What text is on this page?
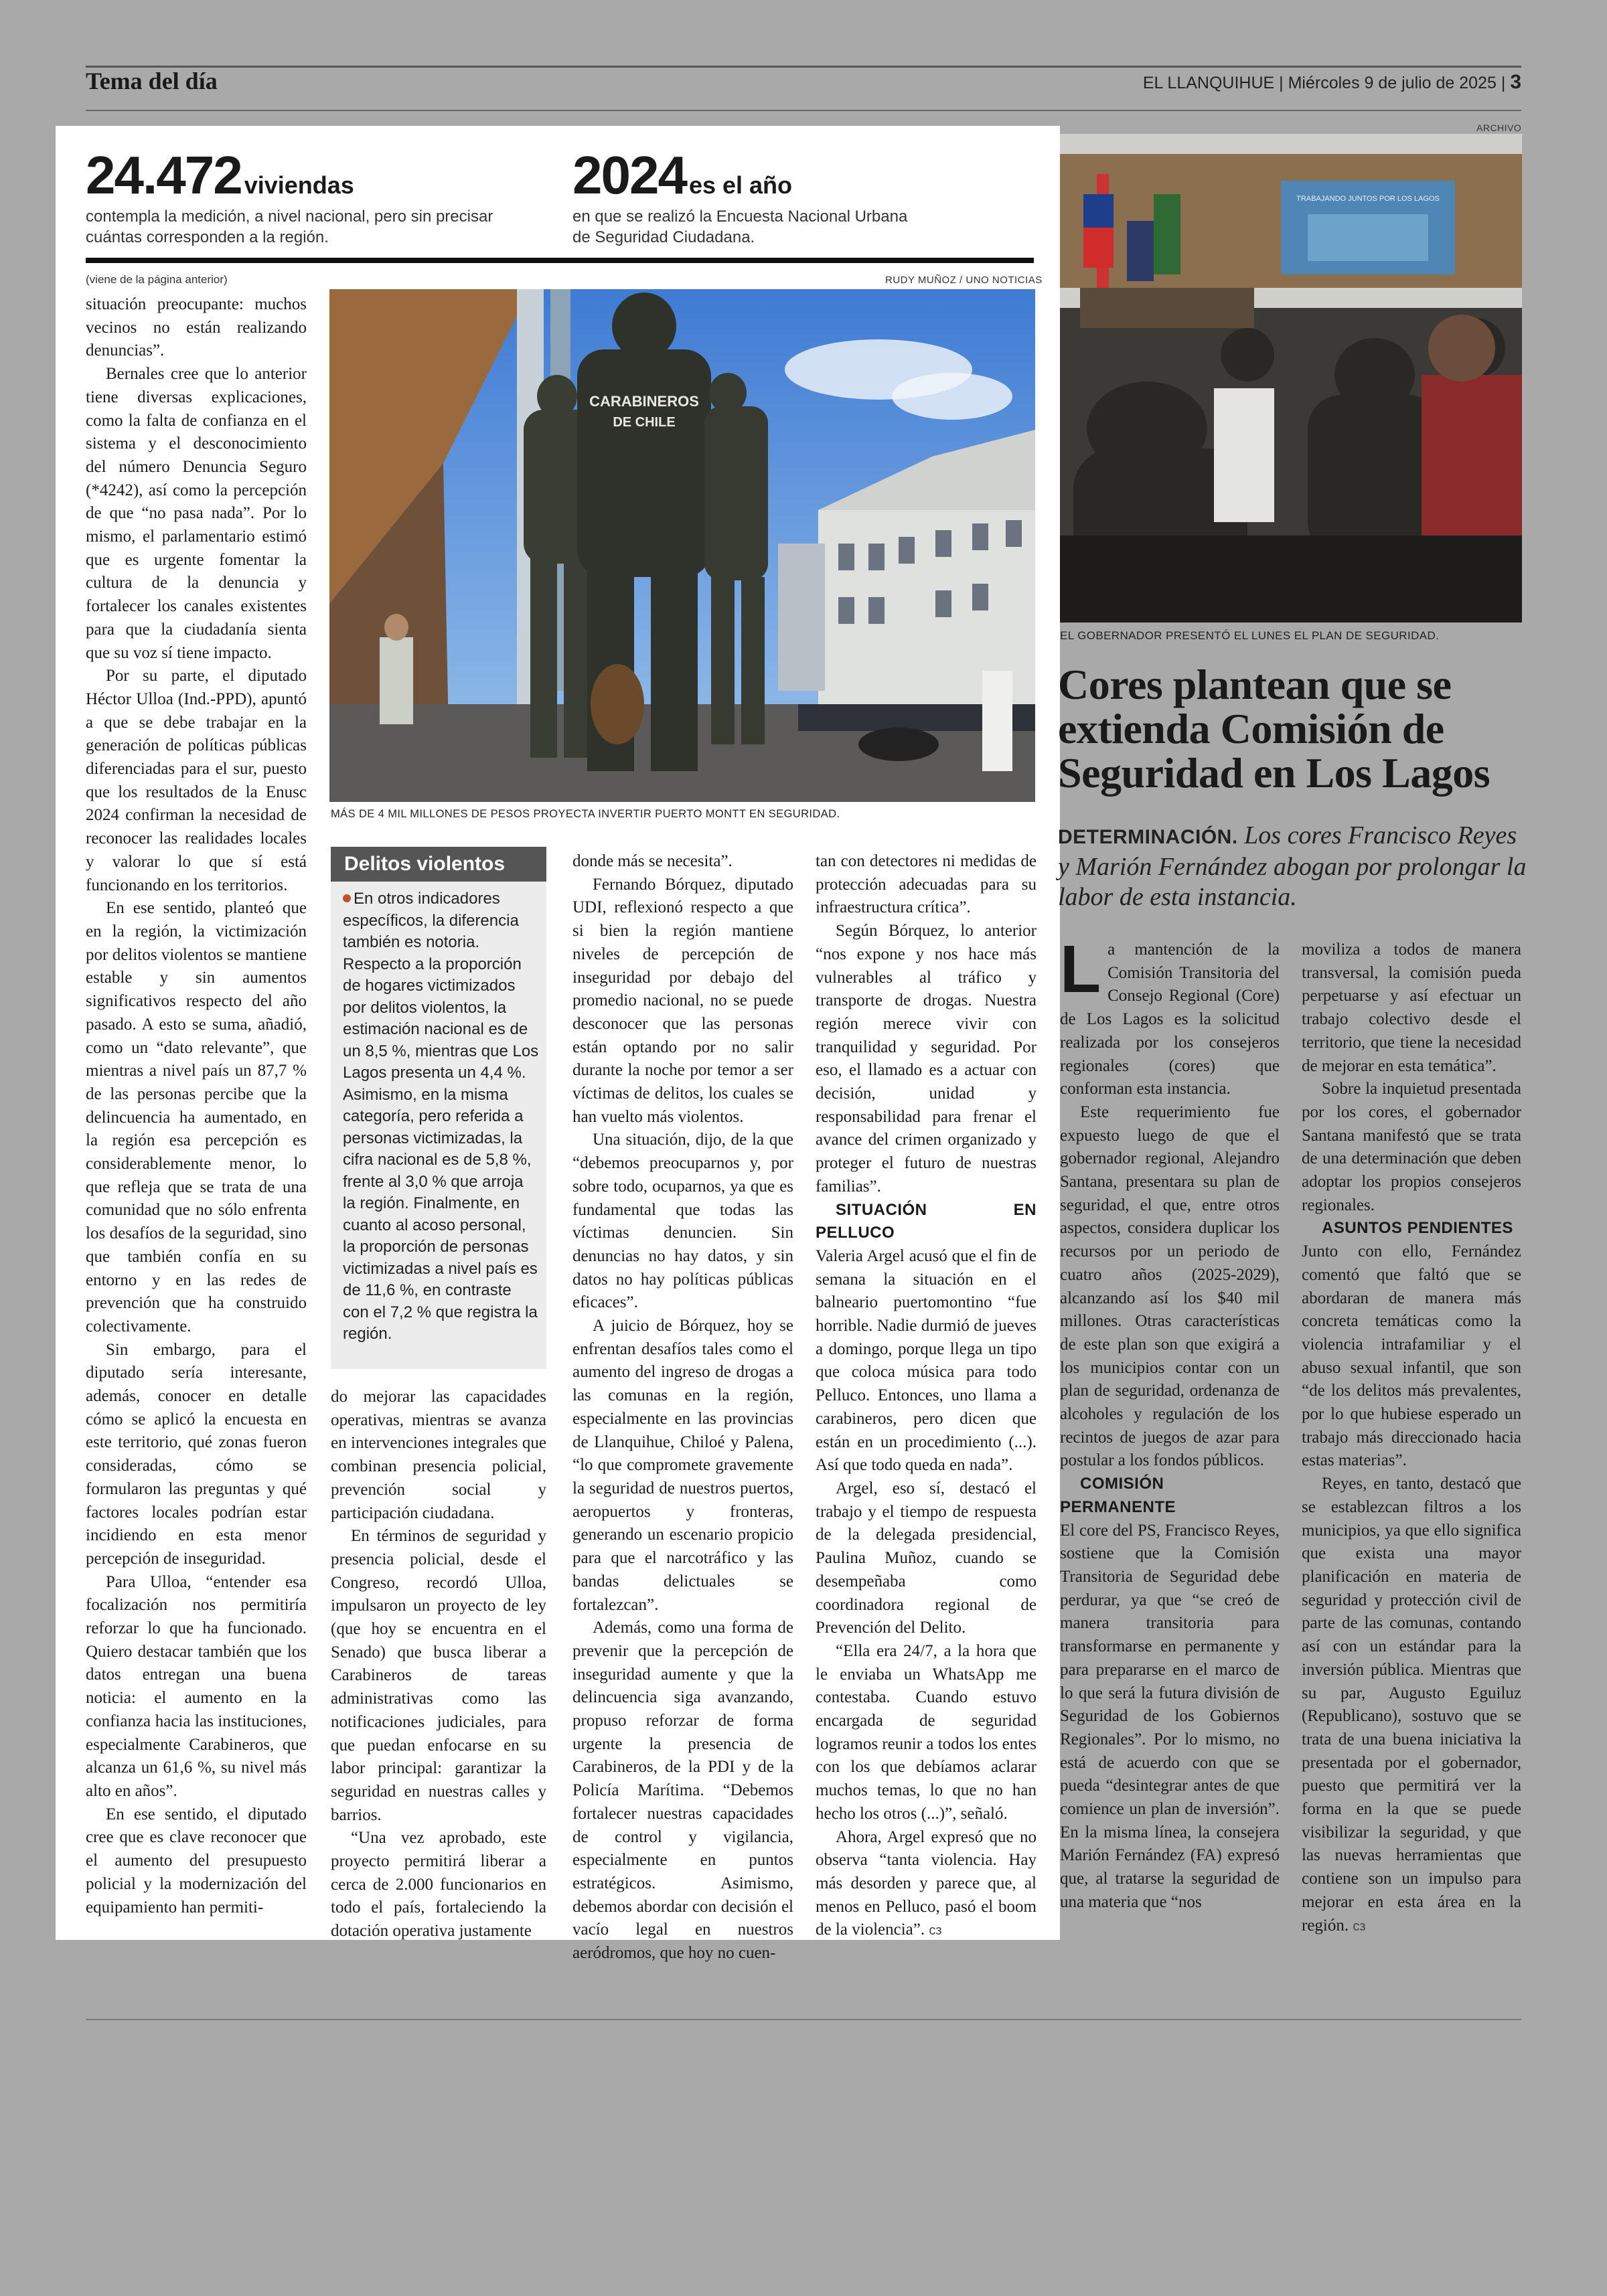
Tema del día	EL LLANQUIHUE | Miércoles 9 de julio de 2025 | 3
24.472 viviendas
contempla la medición, a nivel nacional, pero sin precisar
cuántas corresponden a la región.
2024 es el año
en que se realizó la Encuesta Nacional Urbana
de Seguridad Ciudadana.
(viene de la página anterior)	RUDY MUÑOZ / UNO NOTICIAS
CARABINEROS
DE CHILE
MÁS DE 4 MIL MILLONES DE PESOS PROYECTA INVERTIR PUERTO MONTT EN SEGURIDAD.

situación preocupante: muchos vecinos no están realizando denuncias”.

Bernales cree que lo anterior tiene diversas explicaciones, como la falta de confianza en el sistema y el desconocimiento del número Denuncia Seguro (*4242), así como la percepción de que “no pasa nada”. Por lo mismo, el parlamentario estimó que es urgente fomentar la cultura de la denuncia y fortalecer los canales existentes para que la ciudadanía sienta que su voz sí tiene impacto.

Por su parte, el diputado Héctor Ulloa (Ind.-PPD), apuntó a que se debe trabajar en la generación de políticas públicas diferenciadas para el sur, puesto que los resultados de la Enusc 2024 confirman la necesidad de reconocer las realidades locales y valorar lo que sí está funcionando en los territorios.

En ese sentido, planteó que en la región, la victimización por delitos violentos se mantiene estable y sin aumentos significativos respecto del año pasado. A esto se suma, añadió, como un “dato relevante”, que mientras a nivel país un 87,7 % de las personas percibe que la delincuencia ha aumentado, en la región esa percepción es considerablemente menor, lo que refleja que se trata de una comunidad que no sólo enfrenta los desafíos de la seguridad, sino que también confía en su entorno y en las redes de prevención que ha construido colectivamente.

Sin embargo, para el diputado sería interesante, además, conocer en detalle cómo se aplicó la encuesta en este territorio, qué zonas fueron consideradas, cómo se formularon las preguntas y qué factores locales podrían estar incidiendo en esta menor percepción de inseguridad.

Para Ulloa, “entender esa focalización nos permitiría reforzar lo que ha funcionado. Quiero destacar también que los datos entregan una buena noticia: el aumento en la confianza hacia las instituciones, especialmente Carabineros, que alcanza un 61,6 %, su nivel más alto en años”.

En ese sentido, el diputado cree que es clave reconocer que el aumento del presupuesto policial y la modernización del equipamiento han permiti-

Delitos violentos
En otros indicadores específicos, la diferencia también es notoria. Respecto a la proporción de hogares victimizados por delitos violentos, la estimación nacional es de un 8,5 %, mientras que Los Lagos presenta un 4,4 %. Asimismo, en la misma categoría, pero referida a personas victimizadas, la cifra nacional es de 5,8 %, frente al 3,0 % que arroja la región. Finalmente, en cuanto al acoso personal, la proporción de personas victimizadas a nivel país es de 11,6 %, en contraste con el 7,2 % que registra la región.

do mejorar las capacidades operativas, mientras se avanza en intervenciones integrales que combinan presencia policial, prevención social y participación ciudadana.

En términos de seguridad y presencia policial, desde el Congreso, recordó Ulloa, impulsaron un proyecto de ley (que hoy se encuentra en el Senado) que busca liberar a Carabineros de tareas administrativas como las notificaciones judiciales, para que puedan enfocarse en su labor principal: garantizar la seguridad en nuestras calles y barrios.

“Una vez aprobado, este proyecto permitirá liberar a cerca de 2.000 funcionarios en todo el país, fortaleciendo la dotación operativa justamente

donde más se necesita”.

Fernando Bórquez, diputado UDI, reflexionó respecto a que si bien la región mantiene niveles de percepción de inseguridad por debajo del promedio nacional, no se puede desconocer que las personas están optando por no salir durante la noche por temor a ser víctimas de delitos, los cuales se han vuelto más violentos.

Una situación, dijo, de la que “debemos preocuparnos y, por sobre todo, ocuparnos, ya que es fundamental que todas las víctimas denuncien. Sin denuncias no hay datos, y sin datos no hay políticas públicas eficaces”.

A juicio de Bórquez, hoy se enfrentan desafíos tales como el aumento del ingreso de drogas a las comunas en la región, especialmente en las provincias de Llanquihue, Chiloé y Palena, “lo que compromete gravemente la seguridad de nuestros puertos, aeropuertos y fronteras, generando un escenario propicio para que el narcotráfico y las bandas delictuales se fortalezcan”.

Además, como una forma de prevenir que la percepción de inseguridad aumente y que la delincuencia siga avanzando, propuso reforzar de forma urgente la presencia de Carabineros, de la PDI y de la Policía Marítima. “Debemos fortalecer nuestras capacidades de control y vigilancia, especialmente en puntos estratégicos. Asimismo, debemos abordar con decisión el vacío legal en nuestros aeródromos, que hoy no cuen-

tan con detectores ni medidas de protección adecuadas para su infraestructura crítica”.

Según Bórquez, lo anterior “nos expone y nos hace más vulnerables al tráfico y transporte de drogas. Nuestra región merece vivir con tranquilidad y seguridad. Por eso, el llamado es a actuar con decisión, unidad y responsabilidad para frenar el avance del crimen organizado y proteger el futuro de nuestras familias”.

SITUACIÓN EN PELLUCO

Valeria Argel acusó que el fin de semana la situación en el balneario puertomontino “fue horrible. Nadie durmió de jueves a domingo, porque llega un tipo que coloca música para todo Pelluco. Entonces, uno llama a carabineros, pero dicen que están en un procedimiento (...). Así que todo queda en nada”.

Argel, eso sí, destacó el trabajo y el tiempo de respuesta de la delegada presidencial, Paulina Muñoz, cuando se desempeñaba como coordinadora regional de Prevención del Delito.

“Ella era 24/7, a la hora que le enviaba un WhatsApp me contestaba. Cuando estuvo encargada de seguridad logramos reunir a todos los entes con los que debíamos aclarar muchos temas, lo que no han hecho los otros (...)”, señaló.

Ahora, Argel expresó que no observa “tanta violencia. Hay más desorden y parece que, al menos en Pelluco, pasó el boom de la violencia”. ᴄз

ARCHIVO
TRABAJANDO JUNTOS POR LOS LAGOS
EL GOBERNADOR PRESENTÓ EL LUNES EL PLAN DE SEGURIDAD.
Cores plantean que se extienda Comisión de Seguridad en Los Lagos
DETERMINACIÓN. Los cores Francisco Reyes y Marión Fernández abogan por prolongar la labor de esta instancia.

La mantención de la Comisión Transitoria del Consejo Regional (Core) de Los Lagos es la solicitud realizada por los consejeros regionales (cores) que conforman esta instancia.

Este requerimiento fue expuesto luego de que el gobernador regional, Alejandro Santana, presentara su plan de seguridad, el que, entre otros aspectos, considera duplicar los recursos por un periodo de cuatro años (2025-2029), alcanzando así los $40 mil millones. Otras características de este plan son que exigirá a los municipios contar con un plan de seguridad, ordenanza de alcoholes y regulación de los recintos de juegos de azar para postular a los fondos públicos.

COMISIÓN PERMANENTE

El core del PS, Francisco Reyes, sostiene que la Comisión Transitoria de Seguridad debe perdurar, ya que “se creó de manera transitoria para transformarse en permanente y para prepararse en el marco de lo que será la futura división de Seguridad de los Gobiernos Regionales”. Por lo mismo, no está de acuerdo con que se pueda “desintegrar antes de que comience un plan de inversión”. En la misma línea, la consejera Marión Fernández (FA) expresó que, al tratarse la seguridad de una materia que “nos

moviliza a todos de manera transversal, la comisión pueda perpetuarse y así efectuar un trabajo colectivo desde el territorio, que tiene la necesidad de mejorar en esta temática”.

Sobre la inquietud presentada por los cores, el gobernador Santana manifestó que se trata de una determinación que deben adoptar los propios consejeros regionales.

ASUNTOS PENDIENTES

Junto con ello, Fernández comentó que faltó que se abordaran de manera más concreta temáticas como la violencia intrafamiliar y el abuso sexual infantil, que son “de los delitos más prevalentes, por lo que hubiese esperado un trabajo más direccionado hacia estas materias”.

Reyes, en tanto, destacó que se establezcan filtros a los municipios, ya que ello significa que exista una mayor planificación en materia de seguridad y protección civil de parte de las comunas, contando así con un estándar para la inversión pública. Mientras que su par, Augusto Eguiluz (Republicano), sostuvo que se trata de una buena iniciativa la presentada por el gobernador, puesto que permitirá ver la forma en la que se puede visibilizar la seguridad, y que las nuevas herramientas que contiene son un impulso para mejorar en esta área en la región. ᴄз
